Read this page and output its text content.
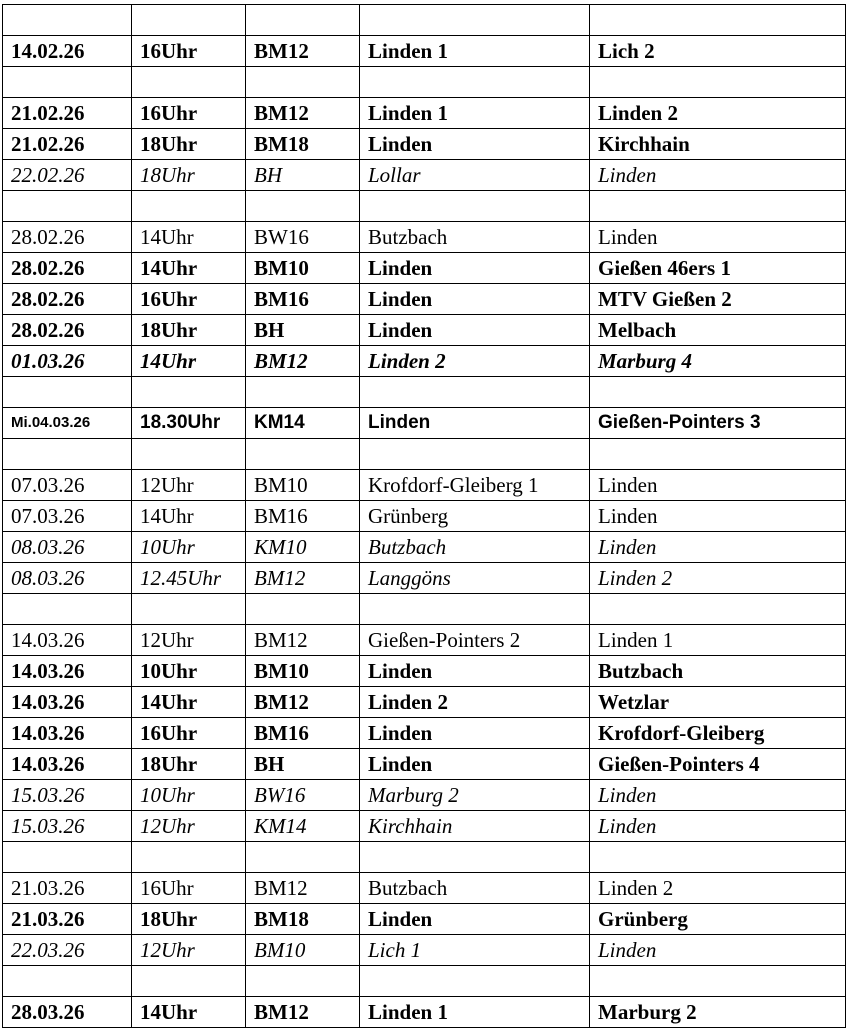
14.02.26	16Uhr	BM12	Linden 1	Lich 2

21.02.26	16Uhr	BM12	Linden 1	Linden 2
21.02.26	18Uhr	BM18	Linden	Kirchhain
22.02.26	18Uhr	BH	Lollar	Linden

28.02.26	14Uhr	BW16	Butzbach	Linden
28.02.26	14Uhr	BM10	Linden	Gießen 46ers 1
28.02.26	16Uhr	BM16	Linden	MTV Gießen 2
28.02.26	18Uhr	BH	Linden	Melbach
01.03.26	14Uhr	BM12	Linden 2	Marburg 4

Mi.04.03.26	18.30Uhr	KM14	Linden	Gießen-Pointers 3

07.03.26	12Uhr	BM10	Krofdorf-Gleiberg 1	Linden
07.03.26	14Uhr	BM16	Grünberg	Linden
08.03.26	10Uhr	KM10	Butzbach	Linden
08.03.26	12.45Uhr	BM12	Langgöns	Linden 2

14.03.26	12Uhr	BM12	Gießen-Pointers 2	Linden 1
14.03.26	10Uhr	BM10	Linden	Butzbach
14.03.26	14Uhr	BM12	Linden 2	Wetzlar
14.03.26	16Uhr	BM16	Linden	Krofdorf-Gleiberg
14.03.26	18Uhr	BH	Linden	Gießen-Pointers 4
15.03.26	10Uhr	BW16	Marburg 2	Linden
15.03.26	12Uhr	KM14	Kirchhain	Linden

21.03.26	16Uhr	BM12	Butzbach	Linden 2
21.03.26	18Uhr	BM18	Linden	Grünberg
22.03.26	12Uhr	BM10	Lich 1	Linden

28.03.26	14Uhr	BM12	Linden 1	Marburg 2
